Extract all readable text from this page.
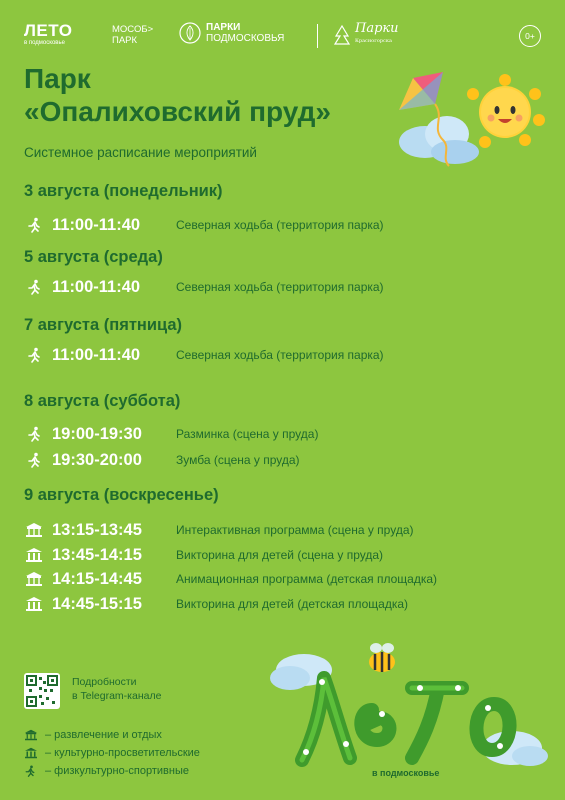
ЛЕТО
в подмосковье
МОСОБ>
ПАРК
ПАРКИ
ПОДМОСКОВЬЯ
Парки
Красногорска	0+
Парк
«Опалиховский пруд»
Системное расписание мероприятий
3 августа (понедельник)
11:00-11:40	Северная ходьба (территория парка)
5 августа (среда)
11:00-11:40	Северная ходьба (территория парка)
7 августа (пятница)
11:00-11:40	Северная ходьба (территория парка)
8 августа (суббота)
19:00-19:30	Разминка (сцена у пруда)
19:30-20:00	Зумба (сцена у пруда)
9 августа (воскресенье)
13:15-13:45	Интерактивная программа (сцена у пруда)
13:45-14:15	Викторина для детей (сцена у пруда)
14:15-14:45	Анимационная программа (детская площадка)
14:45-15:15	Викторина для детей (детская площадка)
Подробности
в Telegram-канале
– развлечение и отдых
– культурно-просветительские
– физкультурно-спортивные	в подмосковье
